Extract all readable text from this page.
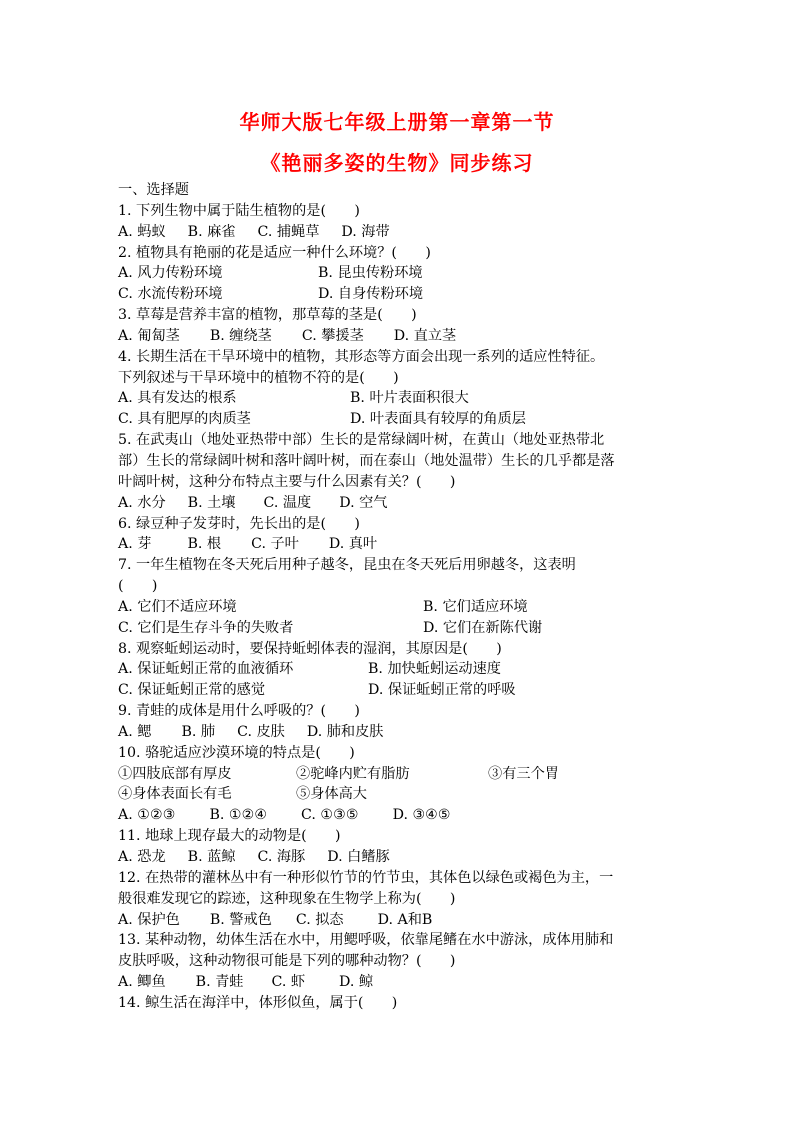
华师大版七年级上册第一章第一节
《艳丽多姿的生物》同步练习
一、选择题
1. 下列生物中属于陆生植物的是(　　)
A. 蚂蚁 B. 麻雀 C. 捕蝇草 D. 海带
2. 植物具有艳丽的花是适应一种什么环境？(　　)
A. 风力传粉环境	B. 昆虫传粉环境
C. 水流传粉环境	D. 自身传粉环境
3. 草莓是营养丰富的植物，那草莓的茎是(　　)
A. 匍匐茎 B. 缠绕茎 C. 攀援茎 D. 直立茎
4. 长期生活在干旱环境中的植物，其形态等方面会出现一系列的适应性特征。
下列叙述与干旱环境中的植物不符的是(　　)
A. 具有发达的根系	B. 叶片表面积很大
C. 具有肥厚的肉质茎	D. 叶表面具有较厚的角质层
5. 在武夷山（地处亚热带中部）生长的是常绿阔叶树，在黄山（地处亚热带北
部）生长的常绿阔叶树和落叶阔叶树，而在泰山（地处温带）生长的几乎都是落
叶阔叶树，这种分布特点主要与什么因素有关？(　　)
A. 水分 B. 土壤 C. 温度 D. 空气
6. 绿豆种子发芽时，先长出的是(　　)
A. 芽	B. 根 C. 子叶 D. 真叶
7. 一年生植物在冬天死后用种子越冬，昆虫在冬天死后用卵越冬，这表明
(　　)
A. 它们不适应环境	B. 它们适应环境
C. 它们是生存斗争的失败者	D. 它们在新陈代谢
8. 观察蚯蚓运动时，要保持蚯蚓体表的湿润，其原因是(　　)
A. 保证蚯蚓正常的血液循环	B. 加快蚯蚓运动速度
C. 保证蚯蚓正常的感觉	D. 保证蚯蚓正常的呼吸
9. 青蛙的成体是用什么呼吸的？(　　)
A. 鳃 B. 肺 C. 皮肤 D. 肺和皮肤
10. 骆驼适应沙漠环境的特点是(　　)
①四肢底部有厚皮	②驼峰内贮有脂肪	③有三个胃
④身体表面长有毛	⑤身体高大
A. ①②③ B. ①②④ C. ①③⑤ D. ③④⑤
11. 地球上现存最大的动物是(　　)
A. 恐龙 B. 蓝鲸 C. 海豚 D. 白鳍豚
12. 在热带的灌林丛中有一种形似竹节的竹节虫，其体色以绿色或褐色为主，一
般很难发现它的踪迹，这种现象在生物学上称为(　　)
A. 保护色 B. 警戒色 C. 拟态 D. A和B
13. 某种动物，幼体生活在水中，用鳃呼吸，依靠尾鳍在水中游泳，成体用肺和
皮肤呼吸，这种动物很可能是下列的哪种动物？(　　)
A. 鲫鱼 B. 青蛙 C. 虾 D. 鲸
14. 鲸生活在海洋中，体形似鱼，属于(　　)
